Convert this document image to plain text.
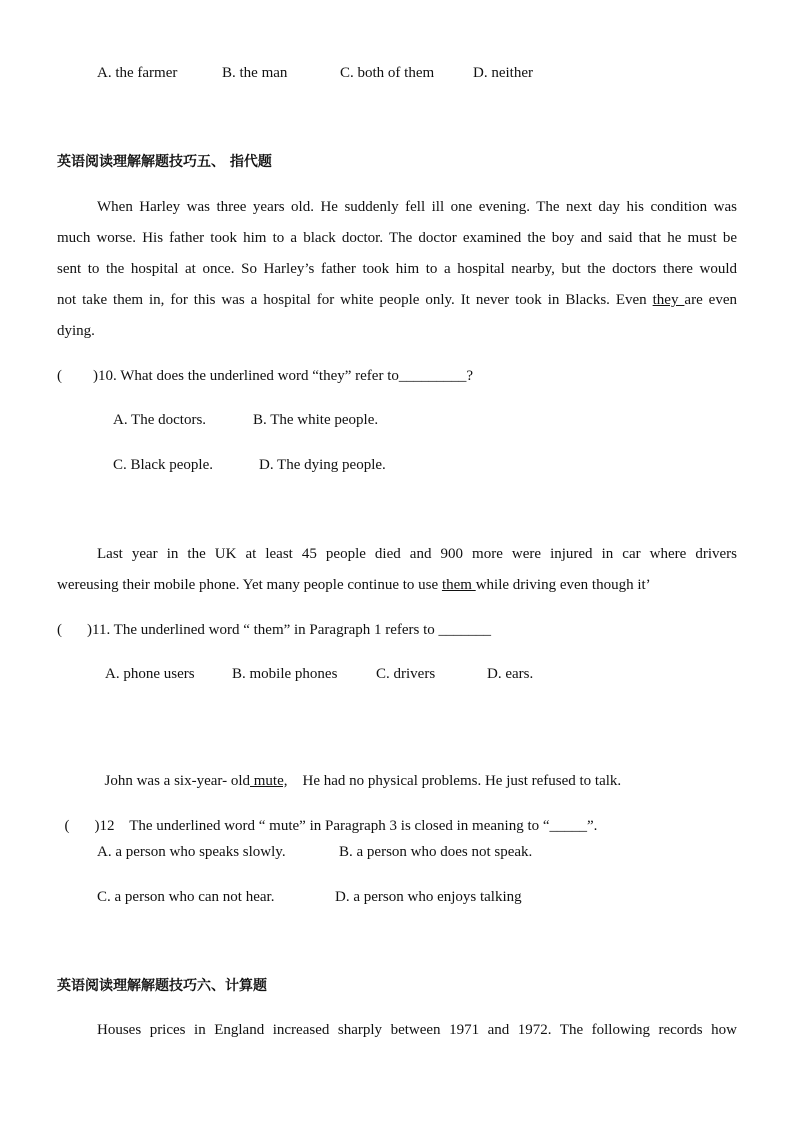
A. the farmer	B. the man	C. both of them	D. neither
英语阅读理解解题技巧五、 指代题
When Harley was three years old. He suddenly fell ill one evening. The next day his condition was
much worse. His father took him to a black doctor. The doctor examined the boy and said that he must be
sent to the hospital at once. So Harley’s father took him to a hospital nearby, but the doctors there would
not take them in, for this was a hospital for white people only. It never took in Blacks. Even they are even
dying.
( )10. What does the underlined word “they” refer to_________?
A. The doctors.	B. The white people.
C. Black people.	D. The dying people.
Last year in the UK at least 45 people died and 900 more were injured in car where drivers
wereusing their mobile phone. Yet many people continue to use them while driving even though it’
( )11. The underlined word “ them” in Paragraph 1 refers to _______
A. phone users B. mobile phones	C. drivers	D. ears.

John was a six-year- old mute,    He had no physical problems. He just refused to talk.

( )12    The underlined word “ mute” in Paragraph 3 is closed in meaning to “_____”.

A. a person who speaks slowly.	B. a person who does not speak.
C. a person who can not hear.	D. a person who enjoys talking
英语阅读理解解题技巧六、计算题
Houses prices in England increased sharply between 1971 and 1972. The following records how
